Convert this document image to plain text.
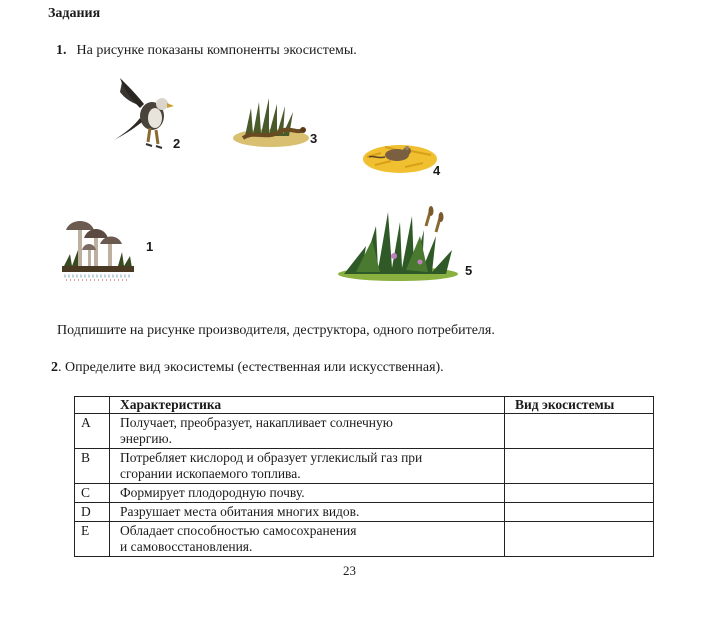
Задания
1. На рисунке показаны компоненты экосистемы.
2	3
4
1
5
Подпишите на рисунке производителя, деструктора, одного потребителя.
2. Определите вид экосистемы (естественная или искусственная).
	Характеристика	Вид экосистемы
A	Получает, преобразует, накапливает солнечную
энергию.	
B	Потребляет кислород и образует углекислый газ при
сгорании ископаемого топлива.	
C	Формирует плодородную почву.	
D	Разрушает места обитания многих видов.	
E	Обладает способностью самосохранения
и самовосстановления.	
23
